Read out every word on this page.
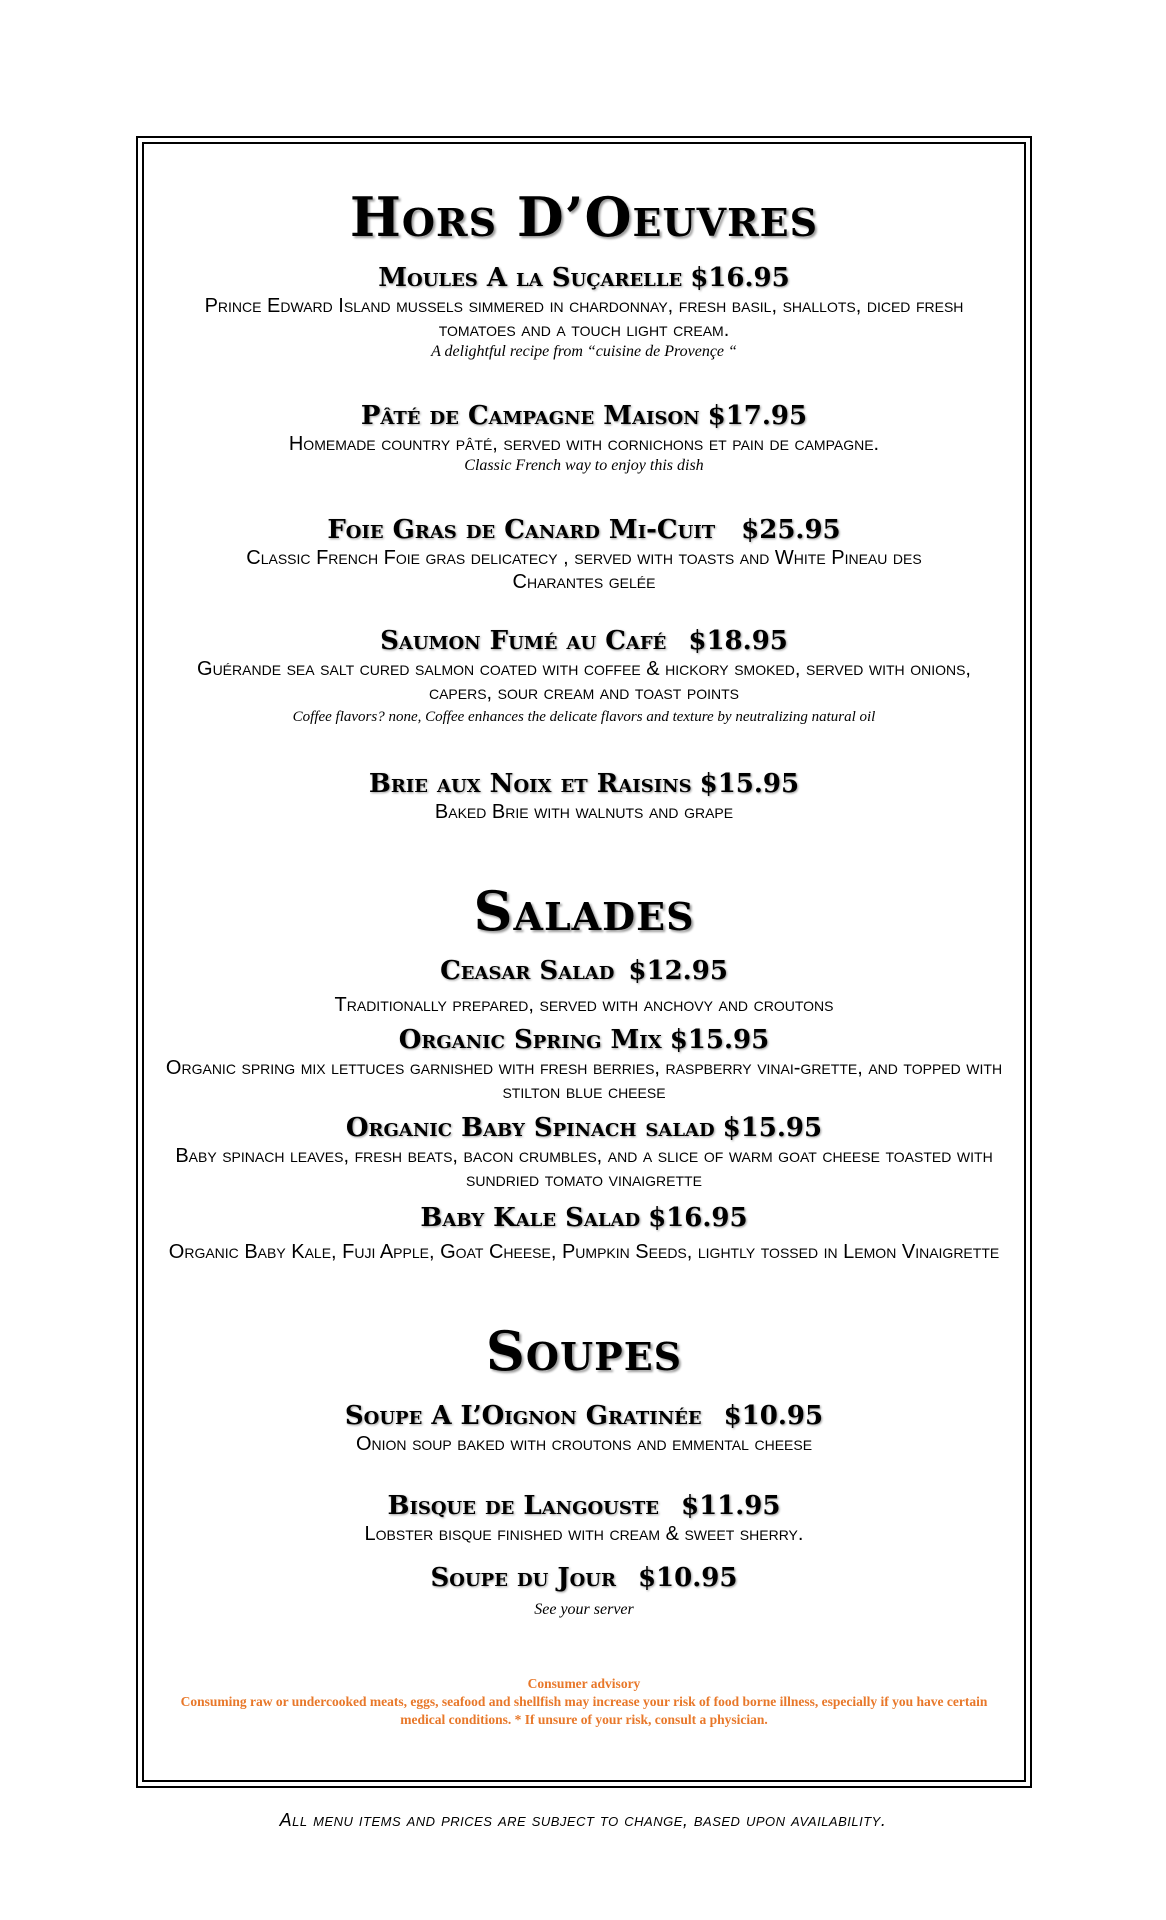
Hors D’Oeuvres

Moules A la Suçarelle $16.95

Prince Edward Island mussels simmered in chardonnay, fresh basil, shallots, diced fresh tomatoes and a touch light cream.

A delightful recipe from “cuisine de Provençe “

Pâté de Campagne Maison $17.95

Homemade country pâté, served with cornichons et pain de campagne.

Classic French way to enjoy this dish

Foie Gras de Canard Mi-Cuit $25.95

Classic French Foie gras delicatecy , served with toasts and White Pineau des Charantes gelée

Saumon Fumé au Café $18.95

Guérande sea salt cured salmon coated with coffee & hickory smoked, served with onions, capers, sour cream and toast points

Coffee flavors? none, Coffee enhances the delicate flavors and texture by neutralizing natural oil

Brie aux Noix et Raisins $15.95

Baked Brie with walnuts and grape

Salades

Ceasar Salad $12.95

Traditionally prepared, served with anchovy and croutons

Organic Spring Mix $15.95

Organic spring mix lettuces garnished with fresh berries, raspberry vinai-grette, and topped with stilton blue cheese

Organic Baby Spinach salad $15.95

Baby spinach leaves, fresh beats, bacon crumbles, and a slice of warm goat cheese toasted with sundried tomato vinaigrette

Baby Kale Salad $16.95

Organic Baby Kale, Fuji Apple, Goat Cheese, Pumpkin Seeds, lightly tossed in Lemon Vinaigrette

Soupes

Soupe A L’Oignon Gratinée $10.95

Onion soup baked with croutons and emmental cheese

Bisque de Langouste $11.95

Lobster bisque finished with cream & sweet sherry.

Soupe du Jour $10.95

See your server

Consumer advisory

Consuming raw or undercooked meats, eggs, seafood and shellfish may increase your risk of food borne illness, especially if you have certain medical conditions. * If unsure of your risk, consult a physician.

All menu items and prices are subject to change, based upon availability.
